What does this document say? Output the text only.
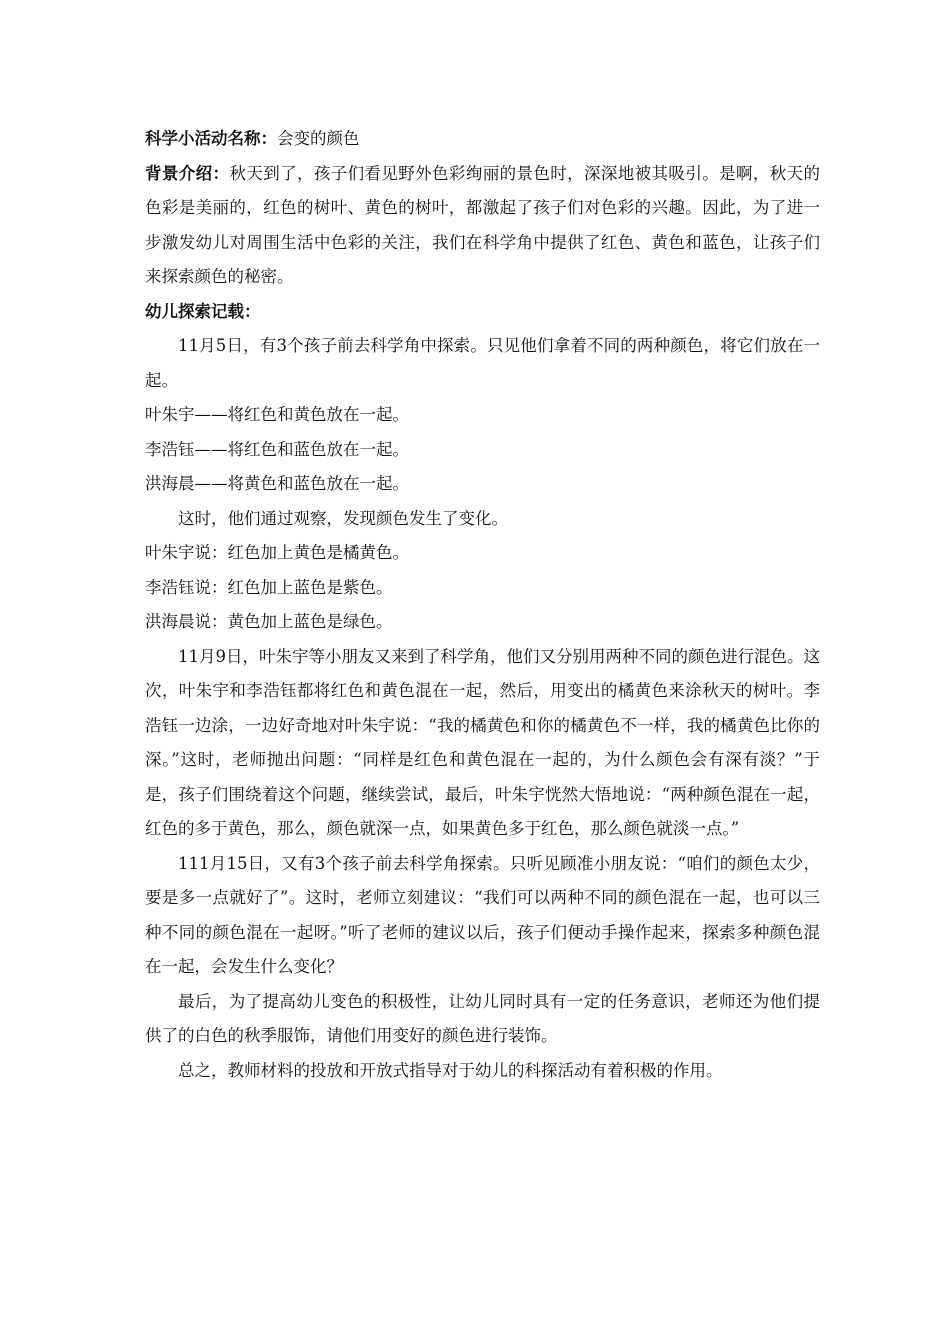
科学小活动名称：会变的颜色

背景介绍：秋天到了，孩子们看见野外色彩绚丽的景色时，深深地被其吸引。是啊，秋天的色彩是美丽的，红色的树叶、黄色的树叶，都激起了孩子们对色彩的兴趣。因此，为了进一步激发幼儿对周围生活中色彩的关注，我们在科学角中提供了红色、黄色和蓝色，让孩子们来探索颜色的秘密。

幼儿探索记载：

11月5日，有3个孩子前去科学角中探索。只见他们拿着不同的两种颜色，将它们放在一起。

叶朱宇——将红色和黄色放在一起。

李浩钰——将红色和蓝色放在一起。

洪海晨——将黄色和蓝色放在一起。

这时，他们通过观察，发现颜色发生了变化。

叶朱宇说：红色加上黄色是橘黄色。

李浩钰说：红色加上蓝色是紫色。

洪海晨说：黄色加上蓝色是绿色。

11月9日，叶朱宇等小朋友又来到了科学角，他们又分别用两种不同的颜色进行混色。这次，叶朱宇和李浩钰都将红色和黄色混在一起，然后，用变出的橘黄色来涂秋天的树叶。李浩钰一边涂，一边好奇地对叶朱宇说：“我的橘黄色和你的橘黄色不一样，我的橘黄色比你的深。”这时，老师抛出问题：“同样是红色和黄色混在一起的，为什么颜色会有深有淡？”于是，孩子们围绕着这个问题，继续尝试，最后，叶朱宇恍然大悟地说：“两种颜色混在一起，红色的多于黄色，那么，颜色就深一点，如果黄色多于红色，那么颜色就淡一点。”

111月15日，又有3个孩子前去科学角探索。只听见顾准小朋友说：“咱们的颜色太少，要是多一点就好了”。这时，老师立刻建议：“我们可以两种不同的颜色混在一起，也可以三种不同的颜色混在一起呀。”听了老师的建议以后，孩子们便动手操作起来，探索多种颜色混在一起，会发生什么变化？

最后，为了提高幼儿变色的积极性，让幼儿同时具有一定的任务意识，老师还为他们提供了的白色的秋季服饰，请他们用变好的颜色进行装饰。

总之，教师材料的投放和开放式指导对于幼儿的科探活动有着积极的作用。
